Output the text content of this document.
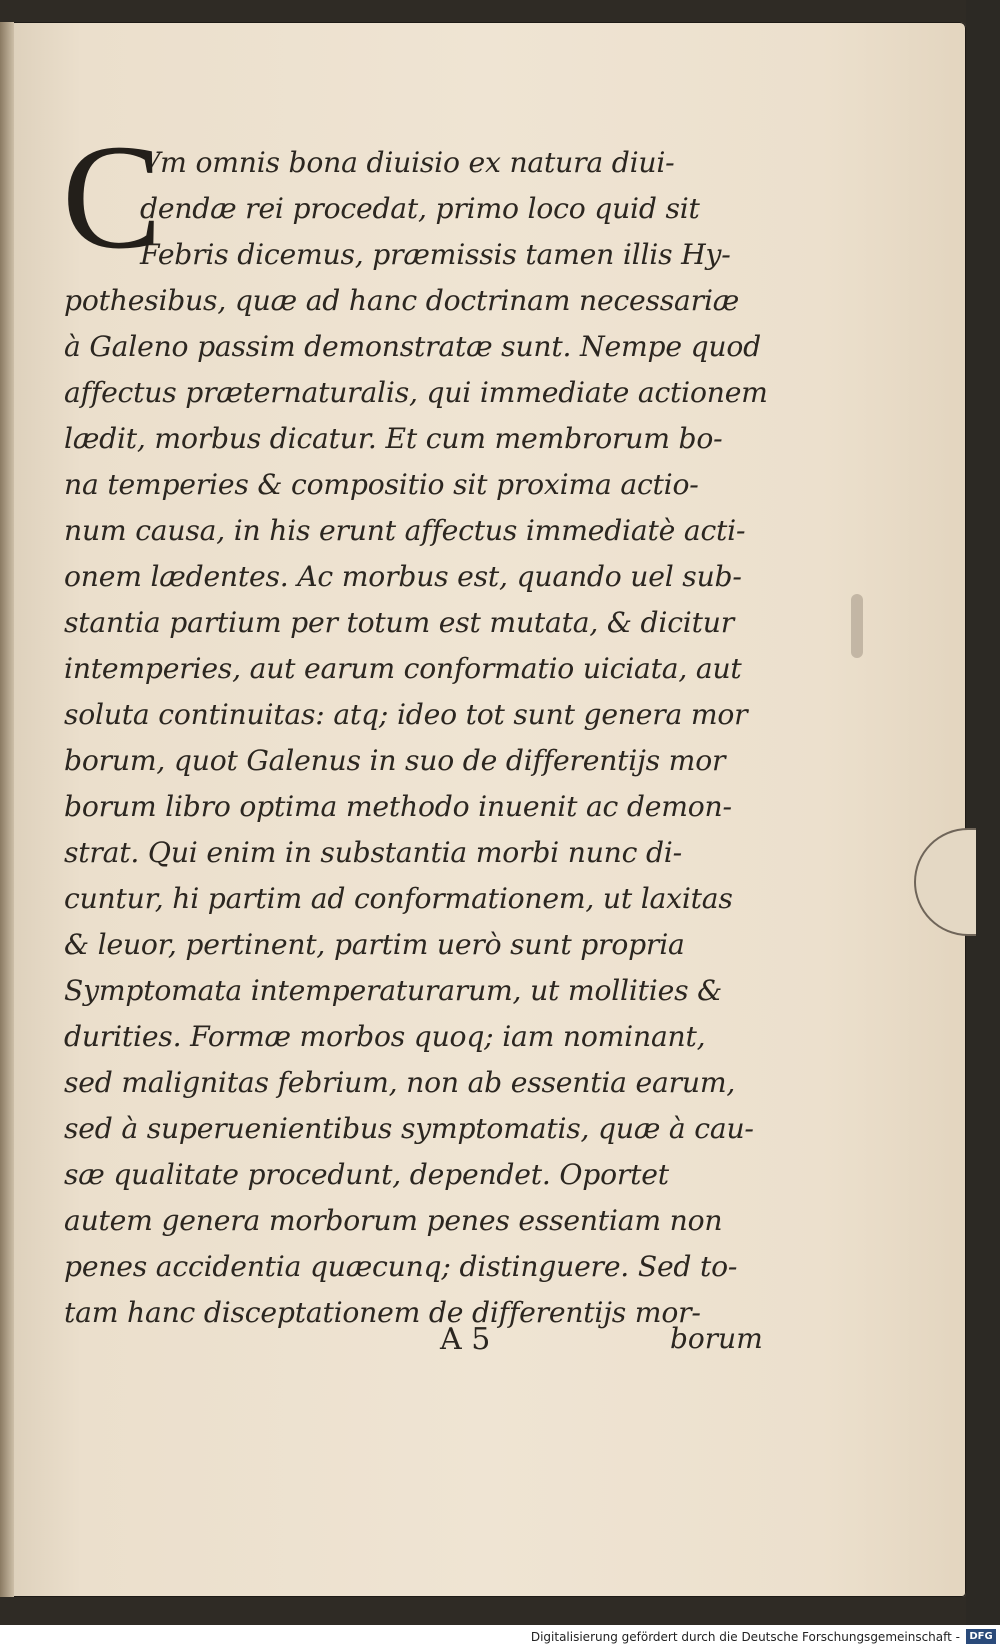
C
Vm omnis bona diuisio ex natura diui-
dendæ rei procedat, primo loco quid sit
Febris dicemus, præmissis tamen illis Hy-
pothesibus, quæ ad hanc doctrinam necessariæ
à Galeno passim demonstratæ sunt. Nempe quod
affectus præternaturalis, qui immediate actionem
lædit, morbus dicatur. Et cum membrorum bo-
na temperies & compositio sit proxima actio-
num causa, in his erunt affectus immediatè acti-
onem lædentes. Ac morbus est, quando uel sub-
stantia partium per totum est mutata, & dicitur
intemperies, aut earum conformatio uiciata, aut
soluta continuitas: atq; ideo tot sunt genera mor
borum, quot Galenus in suo de differentijs mor
borum libro optima methodo inuenit ac demon-
strat. Qui enim in substantia morbi nunc di-
cuntur, hi partim ad conformationem, ut laxitas
& leuor, pertinent, partim uerò sunt propria
Symptomata intemperaturarum, ut mollities &
durities. Formæ morbos quoq; iam nominant,
sed malignitas febrium, non ab essentia earum,
sed à superuenientibus symptomatis, quæ à cau-
sæ qualitate procedunt, dependet. Oportet
autem genera morborum penes essentiam non
penes accidentia quæcunq; distinguere. Sed to-
tam hanc disceptationem de differentijs mor-
A 5	borum
Digitalisierung gefördert durch die Deutsche Forschungsgemeinschaft - DFG
